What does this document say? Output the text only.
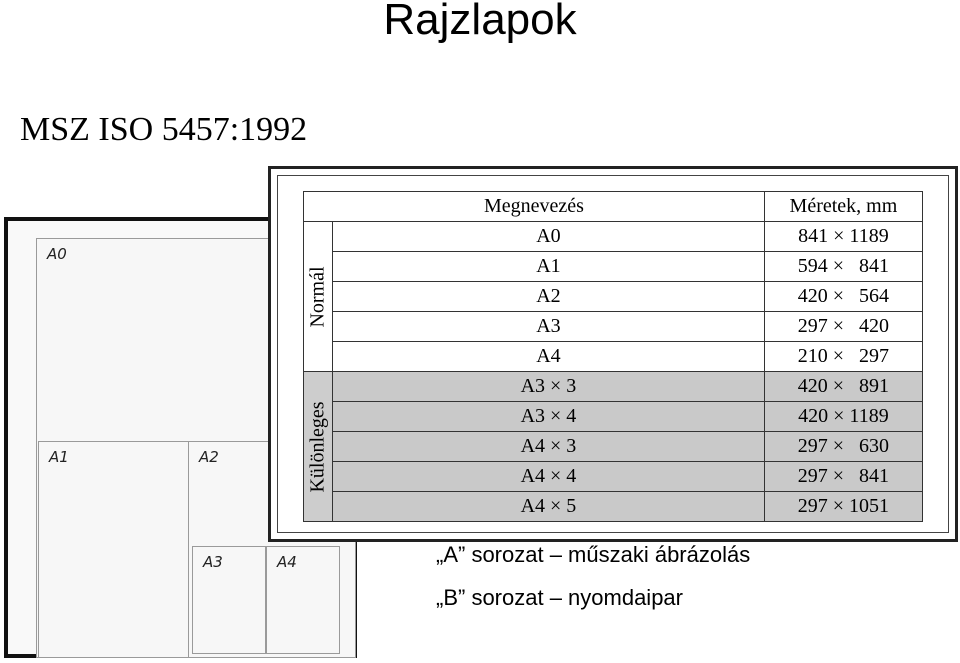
Rajzlapok
MSZ ISO 5457:1992
A0
A1	A2
A3	A4
Megnevezés		Méretek, mm

Normál	A0	841 × 1189
	A1	594 ×   841
	A2	420 ×   564
	A3	297 ×   420
	A4	210 ×   297

Különleges	A3 × 3	420 ×   891
	A3 × 4	420 × 1189
	A4 × 3	297 ×   630
	A4 × 4	297 ×   841
	A4 × 5	297 × 1051
„A” sorozat – műszaki ábrázolás
„B” sorozat – nyomdaipar
